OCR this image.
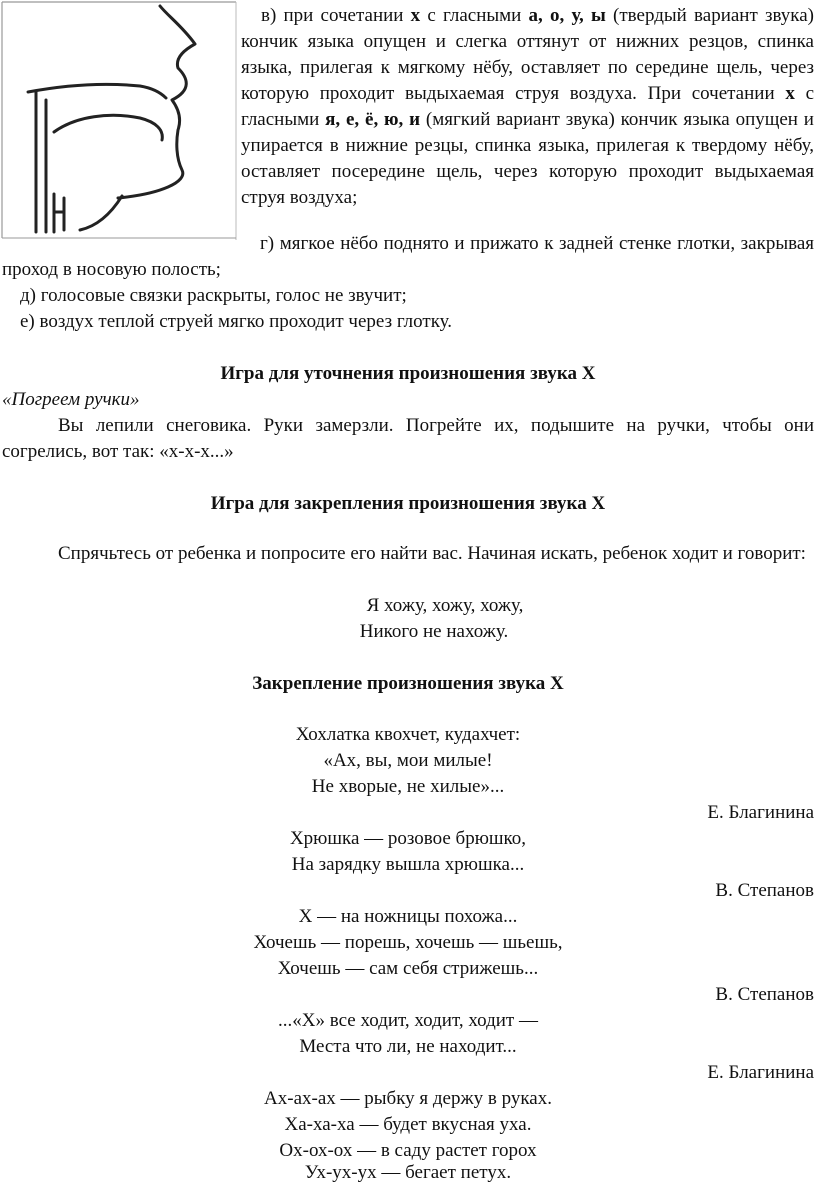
в) при сочетании х с гласными а, о, у, ы (твердый вариант звука) кончик языка опущен и слегка оттянут от нижних резцов, спинка языка, прилегая к мягкому нёбу, оставляет по середине щель, через которую проходит выдыхаемая струя воздуха. При сочетании х с гласными я, е, ё, ю, и (мягкий вариант звука) кончик языка опущен и упирается в нижние резцы, спинка языка, прилегая к твердому нёбу, оставляет посередине щель, через которую проходит выдыхаемая струя воздуха;

г) мягкое нёбо поднято и прижато к задней стенке глотки, закрывая проход в носовую полость;

д) голосовые связки раскрыты, голос не звучит;

е) воздух теплой струей мягко проходит через глотку.

Игра для уточнения произношения звука Х

«Погреем ручки»

Вы лепили снеговика. Руки замерзли. Погрейте их, подышите на ручки, чтобы они согрелись, вот так: «х-х-х...»

Игра для закрепления произношения звука Х

Спрячьтесь от ребенка и попросите его найти вас. Начиная искать, ребенок ходит и говорит:

Я хожу, хожу, хожу,
Никого не нахожу.
Закрепление произношения звука Х
Хохлатка квохчет, кудахчет:
«Ах, вы, мои милые!
Не хворые, не хилые»...
Е. Благинина
Хрюшка — розовое брюшко,
На зарядку вышла хрюшка...
В. Степанов
Х — на ножницы похожа...
Хочешь — порешь, хочешь — шьешь,
Хочешь — сам себя стрижешь...
В. Степанов
...«Х» все ходит, ходит, ходит —
Места что ли, не находит...
Е. Благинина
Ах-ах-ах — рыбку я держу в руках.
Ха-ха-ха — будет вкусная уха.
Ох-ох-ох — в саду растет горох
Ух-ух-ух — бегает петух.
